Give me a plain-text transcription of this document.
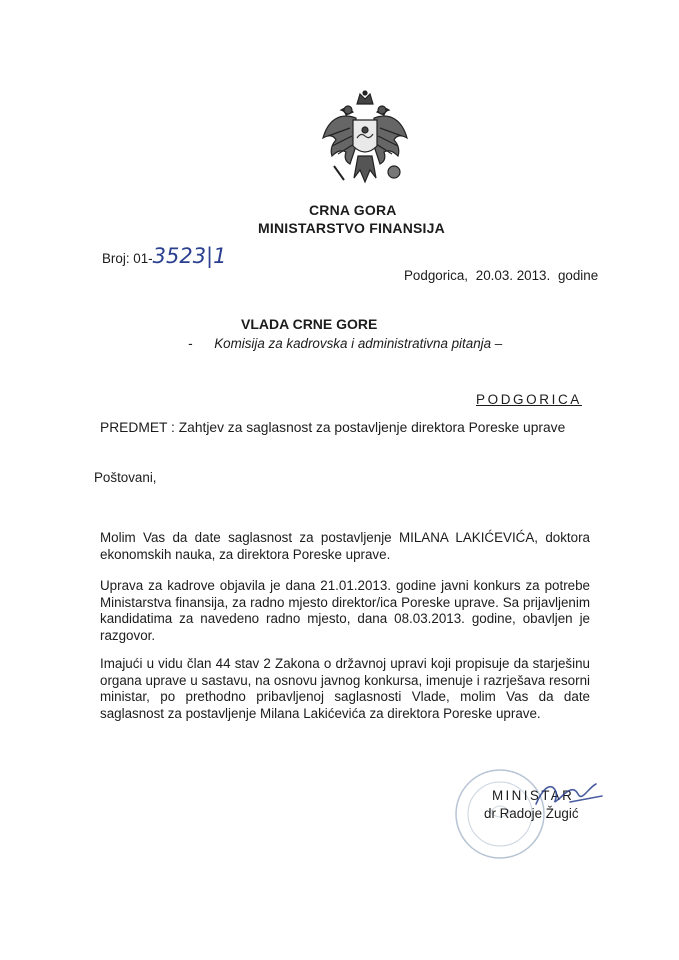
CRNA GORA
MINISTARSTVO FINANSIJA
Broj: 01-3523|1
Podgorica, 20.03. 2013. godine
VLADA CRNE GORE
- Komisija za kadrovska i administrativna pitanja –
PODGORICA
PREDMET : Zahtjev za saglasnost za postavljenje direktora Poreske uprave
Poštovani,
Molim Vas da date saglasnost za postavljenje MILANA LAKIĆEVIĆA, doktora ekonomskih nauka, za direktora Poreske uprave.
Uprava za kadrove objavila je dana 21.01.2013. godine javni konkurs za potrebe Ministarstva finansija, za radno mjesto direktor/ica Poreske uprave. Sa prijavljenim kandidatima za navedeno radno mjesto, dana 08.03.2013. godine, obavljen je razgovor.
Imajući u vidu član 44 stav 2 Zakona o državnoj upravi koji propisuje da starješinu organa uprave u sastavu, na osnovu javnog konkursa, imenuje i razrješava resorni ministar, po prethodno pribavljenoj saglasnosti Vlade, molim Vas da date saglasnost za postavljenje Milana Lakićevića za direktora Poreske uprave.
MINISTAR
dr Radoje Žugić
